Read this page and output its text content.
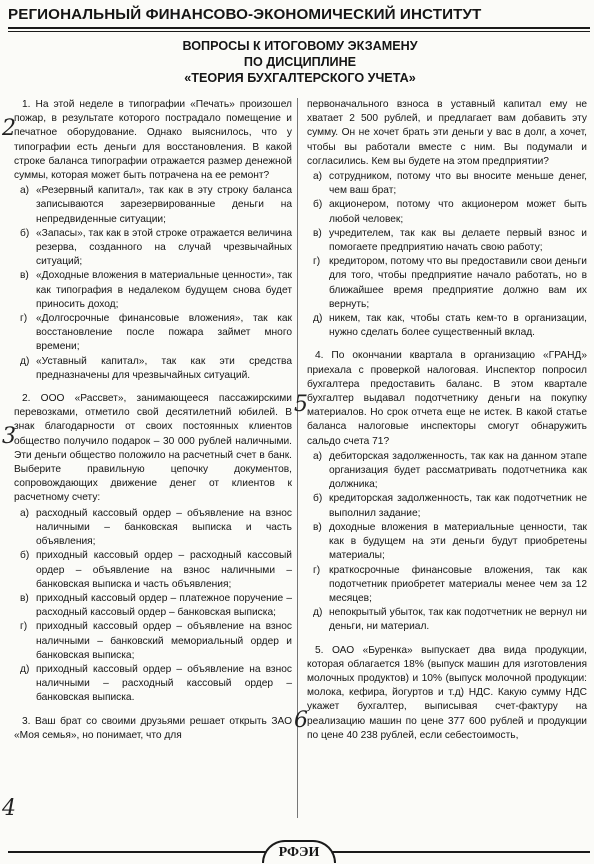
РЕГИОНАЛЬНЫЙ ФИНАНСОВО-ЭКОНОМИЧЕСКИЙ ИНСТИТУТ
ВОПРОСЫ К ИТОГОВОМУ ЭКЗАМЕНУ
ПО ДИСЦИПЛИНЕ
«ТЕОРИЯ БУХГАЛТЕРСКОГО УЧЕТА»

1. На этой неделе в типографии «Печать» произошел пожар, в результате которого пострадало помещение и печатное оборудование. Однако выяснилось, что у типографии есть деньги для восстановления. В какой строке баланса типографии отражается размер денежной суммы, которая может быть потрачена на ее ремонт?

а) «Резервный капитал», так как в эту строку баланса записываются зарезервированные деньги на непредвиденные ситуации;
б) «Запасы», так как в этой строке отражается величина резерва, созданного на случай чрезвычайных ситуаций;
в) «Доходные вложения в материальные ценности», так как типография в недалеком будущем снова будет приносить доход;
г) «Долгосрочные финансовые вложения», так как восстановление после пожара займет много времени;
д) «Уставный капитал», так как эти средства предназначены для чрезвычайных ситуаций.

2. ООО «Рассвет», занимающееся пассажирскими перевозками, отметило свой десятилетний юбилей. В знак благодарности от своих постоянных клиентов общество получило подарок – 30 000 рублей наличными. Эти деньги общество положило на расчетный счет в банк. Выберите правильную цепочку документов, сопровождающих движение денег от клиентов к расчетному счету:

а) расходный кассовый ордер – объявление на взнос наличными – банковская выписка и часть объявления;
б) приходный кассовый ордер – расходный кассовый ордер – объявление на взнос наличными – банковская выписка и часть объявления;
в) приходный кассовый ордер – платежное поручение – расходный кассовый ордер – банковская выписка;
г) приходный кассовый ордер – объявление на взнос наличными – банковский мемориальный ордер и банковская выписка;
д) приходный кассовый ордер – объявление на взнос наличными – расходный кассовый ордер – банковская выписка.

3. Ваш брат со своими друзьями решает открыть ЗАО «Моя семья», но понимает, что для

первоначального взноса в уставный капитал ему не хватает 2 500 рублей, и предлагает вам добавить эту сумму. Он не хочет брать эти деньги у вас в долг, а хочет, чтобы вы работали вместе с ним. Вы подумали и согласились. Кем вы будете на этом предприятии?

а) сотрудником, потому что вы вносите меньше денег, чем ваш брат;
б) акционером, потому что акционером может быть любой человек;
в) учредителем, так как вы делаете первый взнос и помогаете предприятию начать свою работу;
г) кредитором, потому что вы предоставили свои деньги для того, чтобы предприятие начало работать, но в ближайшее время предприятие должно вам их вернуть;
д) никем, так как, чтобы стать кем-то в организации, нужно сделать более существенный вклад.

4. По окончании квартала в организацию «ГРАНД» приехала с проверкой налоговая. Инспектор попросил бухгалтера предоставить баланс. В этом квартале бухгалтер выдавал подотчетнику деньги на покупку материалов. Но срок отчета еще не истек. В какой статье баланса налоговые инспекторы смогут обнаружить сальдо счета 71?

а) дебиторская задолженность, так как на данном этапе организация будет рассматривать подотчетника как должника;
б) кредиторская задолженность, так как подотчетник не выполнил задание;
в) доходные вложения в материальные ценности, так как в будущем на эти деньги будут приобретены материалы;
г) краткосрочные финансовые вложения, так как подотчетник приобретет материалы менее чем за 12 месяцев;
д) непокрытый убыток, так как подотчетник не вернул ни деньги, ни материал.

5. ОАО «Буренка» выпускает два вида продукции, которая облагается 18% (выпуск машин для изготовления молочных продуктов) и 10% (выпуск молочной продукции: молока, кефира, йогуртов и т.д) НДС. Какую сумму НДС укажет бухгалтер, выписывая счет-фактуру на реализацию машин по цене 377 600 рублей и продукции по цене 40 238 рублей, если себестоимость,

2
3
4
5
6
РФЭИ
